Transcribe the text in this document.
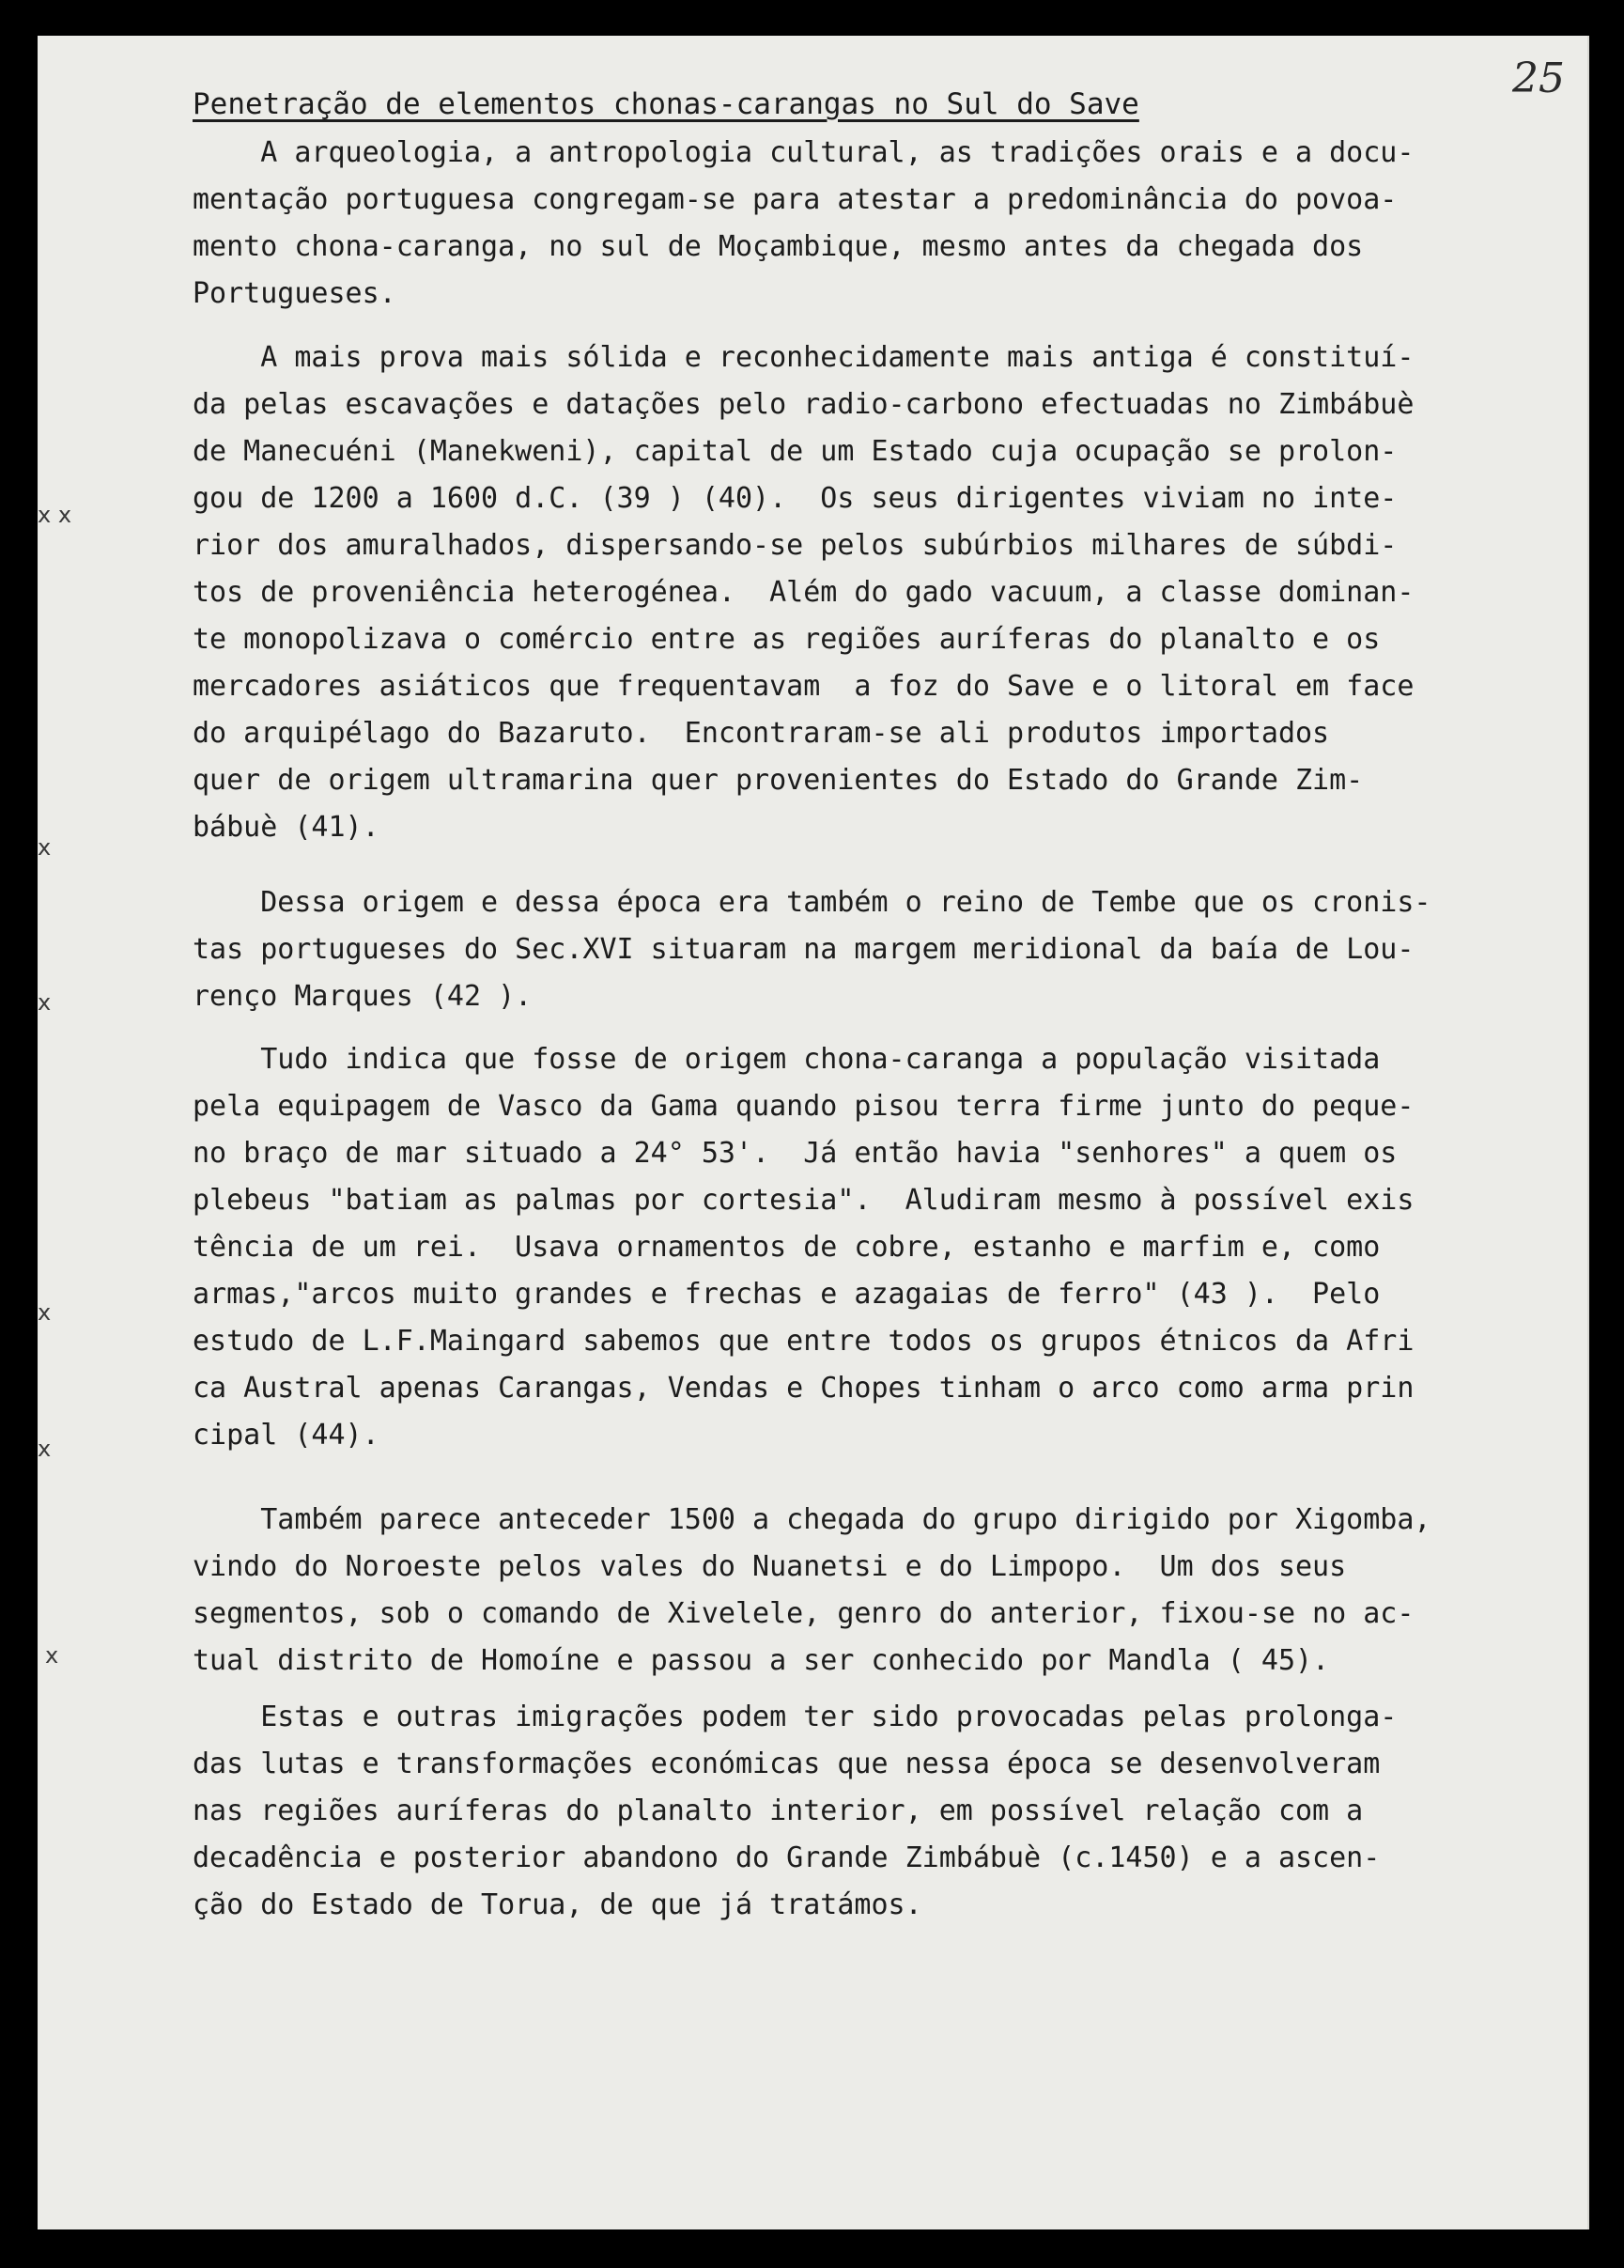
25
Penetração de elementos chonas-carangas no Sul do Save
A arqueologia, a antropologia cultural, as tradições orais e a docu-
mentação portuguesa congregam-se para atestar a predominância do povoa-
mento chona-caranga, no sul de Moçambique, mesmo antes da chegada dos
Portugueses.
A mais prova mais sólida e reconhecidamente mais antiga é constituí-
da pelas escavações e datações pelo radio-carbono efectuadas no Zimbábuè
de Manecuéni (Manekweni), capital de um Estado cuja ocupação se prolon-
gou de 1200 a 1600 d.C. (39 ) (40).  Os seus dirigentes viviam no inte-
rior dos amuralhados, dispersando-se pelos subúrbios milhares de súbdi-
tos de proveniência heterogénea.  Além do gado vacuum, a classe dominan-
te monopolizava o comércio entre as regiões auríferas do planalto e os
mercadores asiáticos que frequentavam  a foz do Save e o litoral em face
do arquipélago do Bazaruto.  Encontraram-se ali produtos importados
quer de origem ultramarina quer provenientes do Estado do Grande Zim-
bábuè (41).
Dessa origem e dessa época era também o reino de Tembe que os cronis-
tas portugueses do Sec.XVI situaram na margem meridional da baía de Lou-
renço Marques (42 ).
Tudo indica que fosse de origem chona-caranga a população visitada
pela equipagem de Vasco da Gama quando pisou terra firme junto do peque-
no braço de mar situado a 24° 53'.  Já então havia "senhores" a quem os
plebeus "batiam as palmas por cortesia".  Aludiram mesmo à possível exis
tência de um rei.  Usava ornamentos de cobre, estanho e marfim e, como
armas,"arcos muito grandes e frechas e azagaias de ferro" (43 ).  Pelo
estudo de L.F.Maingard sabemos que entre todos os grupos étnicos da Afri
ca Austral apenas Carangas, Vendas e Chopes tinham o arco como arma prin
cipal (44).
Também parece anteceder 1500 a chegada do grupo dirigido por Xigomba,
vindo do Noroeste pelos vales do Nuanetsi e do Limpopo.  Um dos seus
segmentos, sob o comando de Xivelele, genro do anterior, fixou-se no ac-
tual distrito de Homoíne e passou a ser conhecido por Mandla ( 45).
Estas e outras imigrações podem ter sido provocadas pelas prolonga-
das lutas e transformações económicas que nessa época se desenvolveram
nas regiões auríferas do planalto interior, em possível relação com a
decadência e posterior abandono do Grande Zimbábuè (c.1450) e a ascen-
ção do Estado de Torua, de que já tratámos.
x x
x
x
x
x
x
